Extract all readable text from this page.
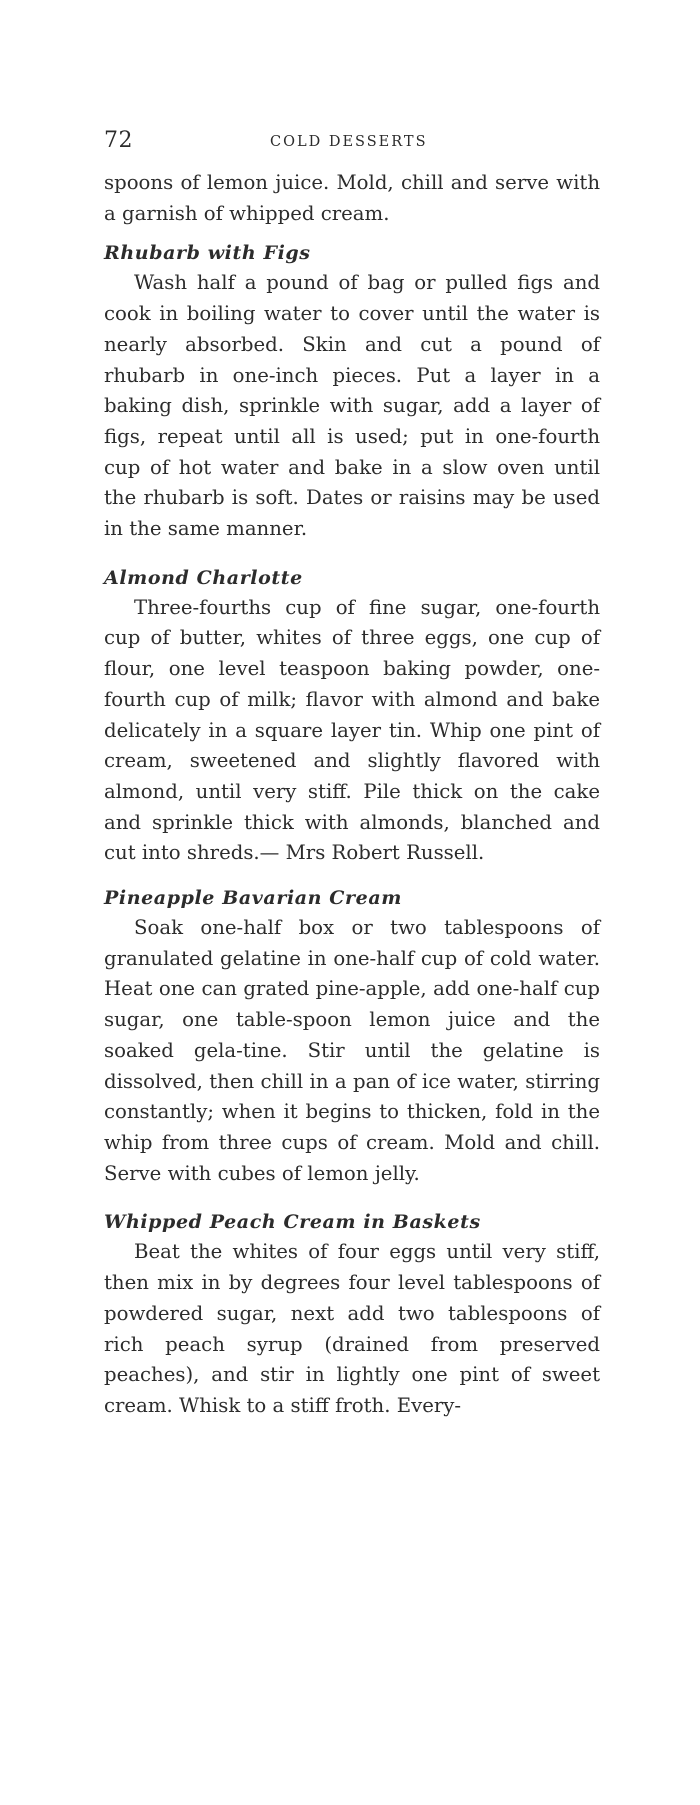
72	COLD DESSERTS

spoons of lemon juice. Mold, chill and serve with a garnish of whipped cream.

Rhubarb with Figs

Wash half a pound of bag or pulled figs and cook in boiling water to cover until the water is nearly absorbed. Skin and cut a pound of rhubarb in one-inch pieces. Put a layer in a baking dish, sprinkle with sugar, add a layer of figs, repeat until all is used; put in one-fourth cup of hot water and bake in a slow oven until the rhubarb is soft. Dates or raisins may be used in the same manner.

Almond Charlotte

Three-fourths cup of fine sugar, one-fourth cup of butter, whites of three eggs, one cup of flour, one level teaspoon baking powder, one-fourth cup of milk; flavor with almond and bake delicately in a square layer tin. Whip one pint of cream, sweetened and slightly flavored with almond, until very stiff. Pile thick on the cake and sprinkle thick with almonds, blanched and cut into shreds.— Mrs Robert Russell.

Pineapple Bavarian Cream

Soak one-half box or two tablespoons of granulated gelatine in one-half cup of cold water. Heat one can grated pine-apple, add one-half cup sugar, one table-spoon lemon juice and the soaked gela-tine. Stir until the gelatine is dissolved, then chill in a pan of ice water, stirring constantly; when it begins to thicken, fold in the whip from three cups of cream. Mold and chill. Serve with cubes of lemon jelly.

Whipped Peach Cream in Baskets

Beat the whites of four eggs until very stiff, then mix in by degrees four level tablespoons of powdered sugar, next add two tablespoons of rich peach syrup (drained from preserved peaches), and stir in lightly one pint of sweet cream. Whisk to a stiff froth. Every-
